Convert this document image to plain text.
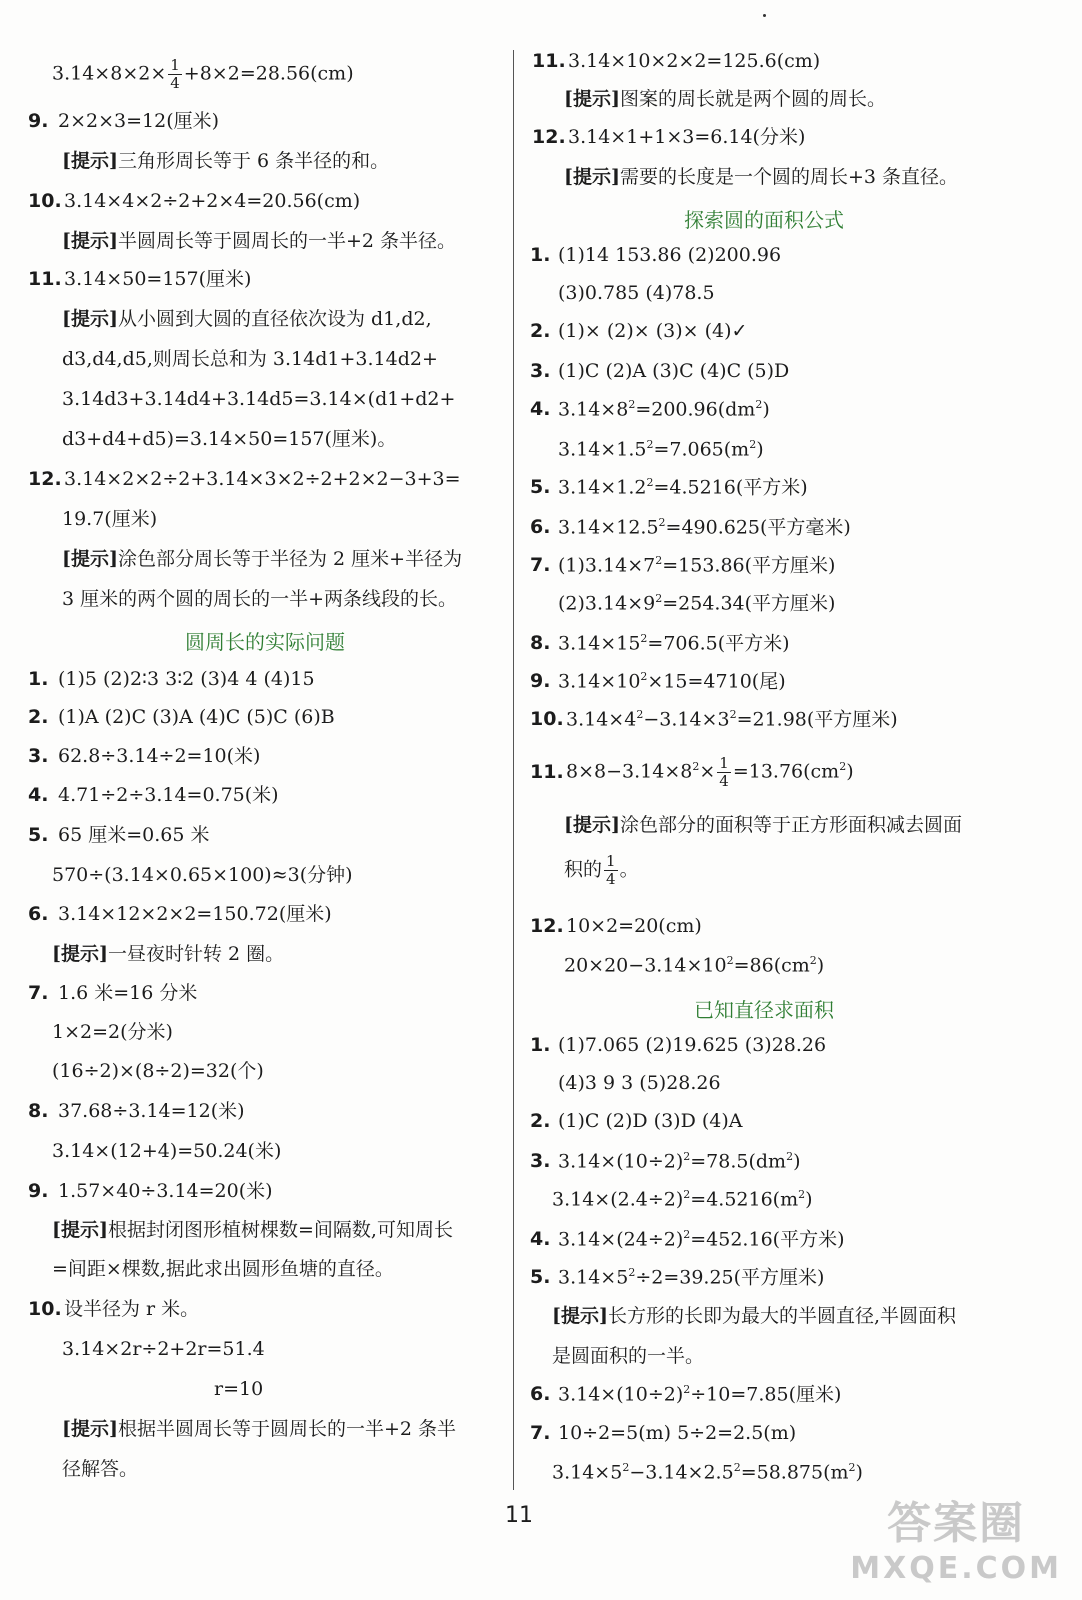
$3.14\times 8\times 2\times \frac{1}{4} +8\times 2=28.56(cm)$
9. 2×2×3=12(厘米)
[提示]三角形周长等于 6 条半径的和。
10. 3.14×4×2÷2+2×4=20.56(cm)
[提示]半圆周长等于圆周长的一半+2 条半径。
11. 3.14×50=157(厘米)
[提示]从小圆到大圆的直径依次设为 d1,d2,
d3,d4,d5,则周长总和为 3.14d1+3.14d2+
3.14d3+3.14d4+3.14d5=3.14×(d1+d2+
d3+d4+d5)=3.14×50=157(厘米)。
12. 3.14×2×2÷2+3.14×3×2÷2+2×2−3+3=
19.7(厘米)
[提示]涂色部分周长等于半径为 2 厘米+半径为
3 厘米的两个圆的周长的一半+两条线段的长。
圆周长的实际问题
1. (1)5 (2)2∶3 3∶2 (3)4 4 (4)15
2. (1)A (2)C (3)A (4)C (5)C (6)B
3. 62.8÷3.14÷2=10(米)
4. 4.71÷2÷3.14=0.75(米)
5. 65 厘米=0.65 米
570÷(3.14×0.65×100)≈3(分钟)
6. 3.14×12×2×2=150.72(厘米)
[提示]一昼夜时针转 2 圈。
7. 1.6 米=16 分米
1×2=2(分米)
(16÷2)×(8÷2)=32(个)
8. 37.68÷3.14=12(米)
3.14×(12+4)=50.24(米)
9. 1.57×40÷3.14=20(米)
[提示]根据封闭图形植树棵数=间隔数,可知周长
=间距×棵数,据此求出圆形鱼塘的直径。
10. 设半径为 r 米。
3.14×2r÷2+2r=51.4
r=10
[提示]根据半圆周长等于圆周长的一半+2 条半
径解答。
11. 3.14×10×2×2=125.6(cm)
[提示]图案的周长就是两个圆的周长。
12. 3.14×1+1×3=6.14(分米)
[提示]需要的长度是一个圆的周长+3 条直径。
探索圆的面积公式
1. (1)14 153.86 (2)200.96
(3)0.785 (4)78.5
2. (1)× (2)× (3)× (4)✓
3. (1)C (2)A (3)C (4)C (5)D
4. $3.14\times 8^2=200.96(dm^2)$
$3.14\times 1.5^2=7.065(m^2)$
5. $3.14\times 1.2^2=4.5216$(平方米)
6. $3.14\times 12.5^2=490.625$(平方毫米)
7. $(1)3.14\times 7^2=153.86$(平方厘米)
$(2)3.14\times 9^2=254.34$(平方厘米)
8. $3.14\times 15^2=706.5$(平方米)
9. $3.14\times 10^2\times 15=4710$(尾)
10. $3.14\times 4^2-3.14\times 3^2=21.98$(平方厘米)
11. $8\times 8-3.14\times 8^2\times \frac{1}{4} =13.76(cm^2)$
[提示]涂色部分的面积等于正方形面积减去圆面
积的 $\frac{1}{4}$ 。
12. 10×2=20(cm)
$20\times 20-3.14\times 10^2=86(cm^2)$
已知直径求面积
1. (1)7.065 (2)19.625 (3)28.26
(4)3 9 3 (5)28.26
2. (1)C (2)D (3)D (4)A
3. $3.14\times(10\div 2)^2=78.5(dm^2)$
$3.14\times(2.4\div 2)^2=4.5216(m^2)$
4. $3.14\times(24\div 2)^2=452.16$(平方米)
5. $3.14\times 5^2\div 2=39.25$(平方厘米)
[提示]长方形的长即为最大的半圆直径,半圆面积
是圆面积的一半。
6. $3.14\times(10\div 2)^2\div 10=7.85$(厘米)
7. 10÷2=5(m) 5÷2=2.5(m)
$3.14\times 5^2-3.14\times 2.5^2=58.875(m^2)$
11	答案圈
MXQE.COM
